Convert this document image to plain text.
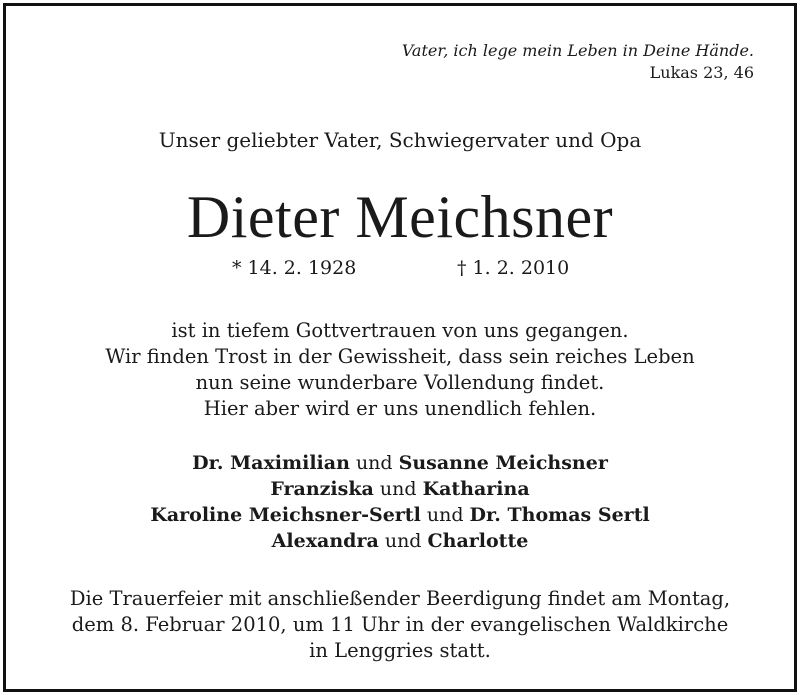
Vater, ich lege mein Leben in Deine Hände.
Lukas 23, 46
Unser geliebter Vater, Schwiegervater und Opa
Dieter Meichsner
* 14. 2. 1928	† 1. 2. 2010
ist in tiefem Gottvertrauen von uns gegangen.
Wir finden Trost in der Gewissheit, dass sein reiches Leben
nun seine wunderbare Vollendung findet.
Hier aber wird er uns unendlich fehlen.
Dr. Maximilian und Susanne Meichsner
Franziska und Katharina
Karoline Meichsner-Sertl und Dr. Thomas Sertl
Alexandra und Charlotte
Die Trauerfeier mit anschließender Beerdigung findet am Montag,
dem 8. Februar 2010, um 11 Uhr in der evangelischen Waldkirche
in Lenggries statt.
